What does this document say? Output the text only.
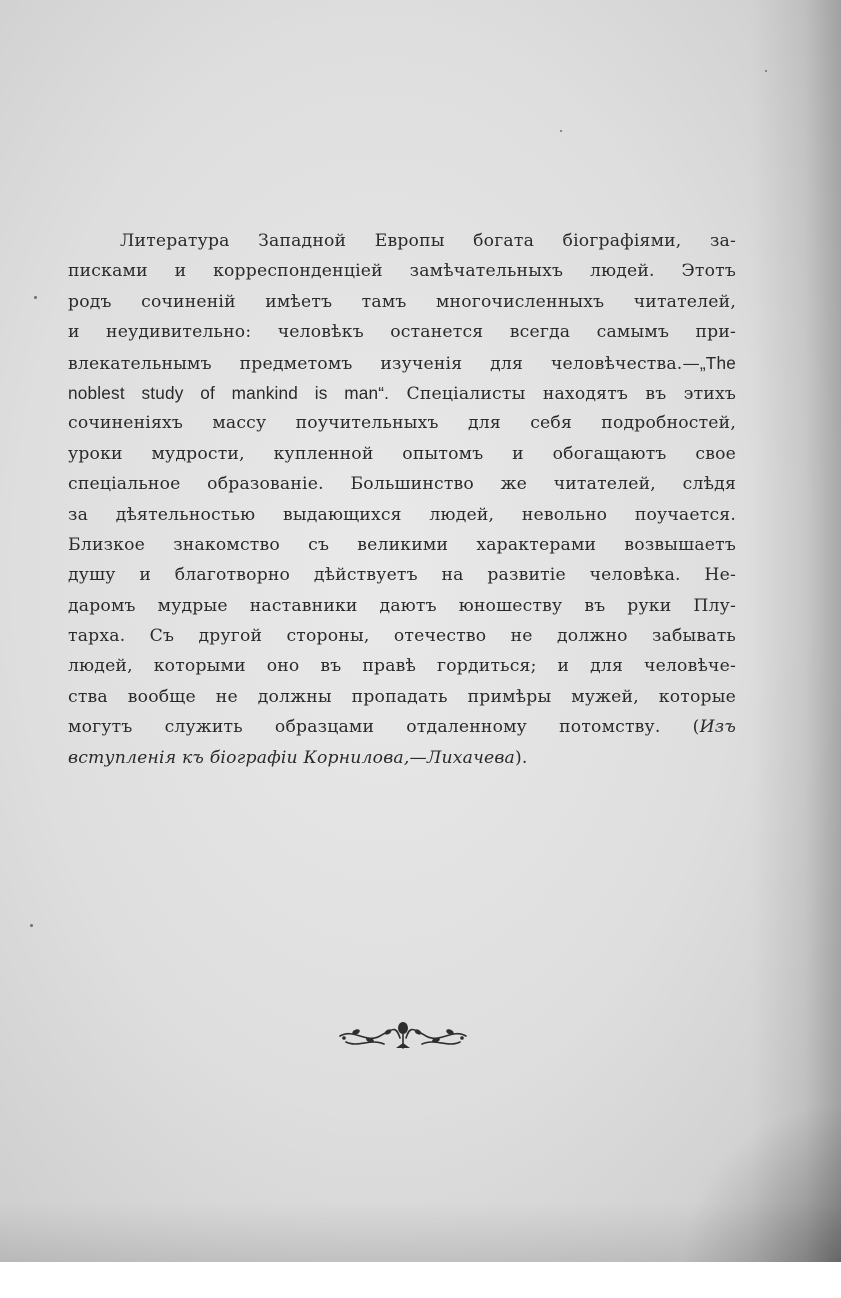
Литература Западной Европы богата біографіями, за-
писками и корреспонденціей замѣчательныхъ людей. Этотъ
родъ сочиненій имѣетъ тамъ многочисленныхъ читателей,
и неудивительно: человѣкъ останется всегда самымъ при-
влекательнымъ предметомъ изученія для человѣчества.—„The
noblest study of mankind is man“. Спеціалисты находятъ въ этихъ
сочиненіяхъ массу поучительныхъ для себя подробностей,
уроки мудрости, купленной опытомъ и обогащаютъ свое
спеціальное образованіе. Большинство же читателей, слѣдя
за дѣятельностью выдающихся людей, невольно поучается.
Близкое знакомство съ великими характерами возвышаетъ
душу и благотворно дѣйствуетъ на развитіе человѣка. Не-
даромъ мудрые наставники даютъ юношеству въ руки Плу-
тарха. Съ другой стороны, отечество не должно забывать
людей, которыми оно въ правѣ гордиться; и для человѣче-
ства вообще не должны пропадать примѣры мужей, которые
могутъ служить образцами отдаленному потомству. (Изъ
вступленія къ біографіи Корнилова,—Лихачева).
